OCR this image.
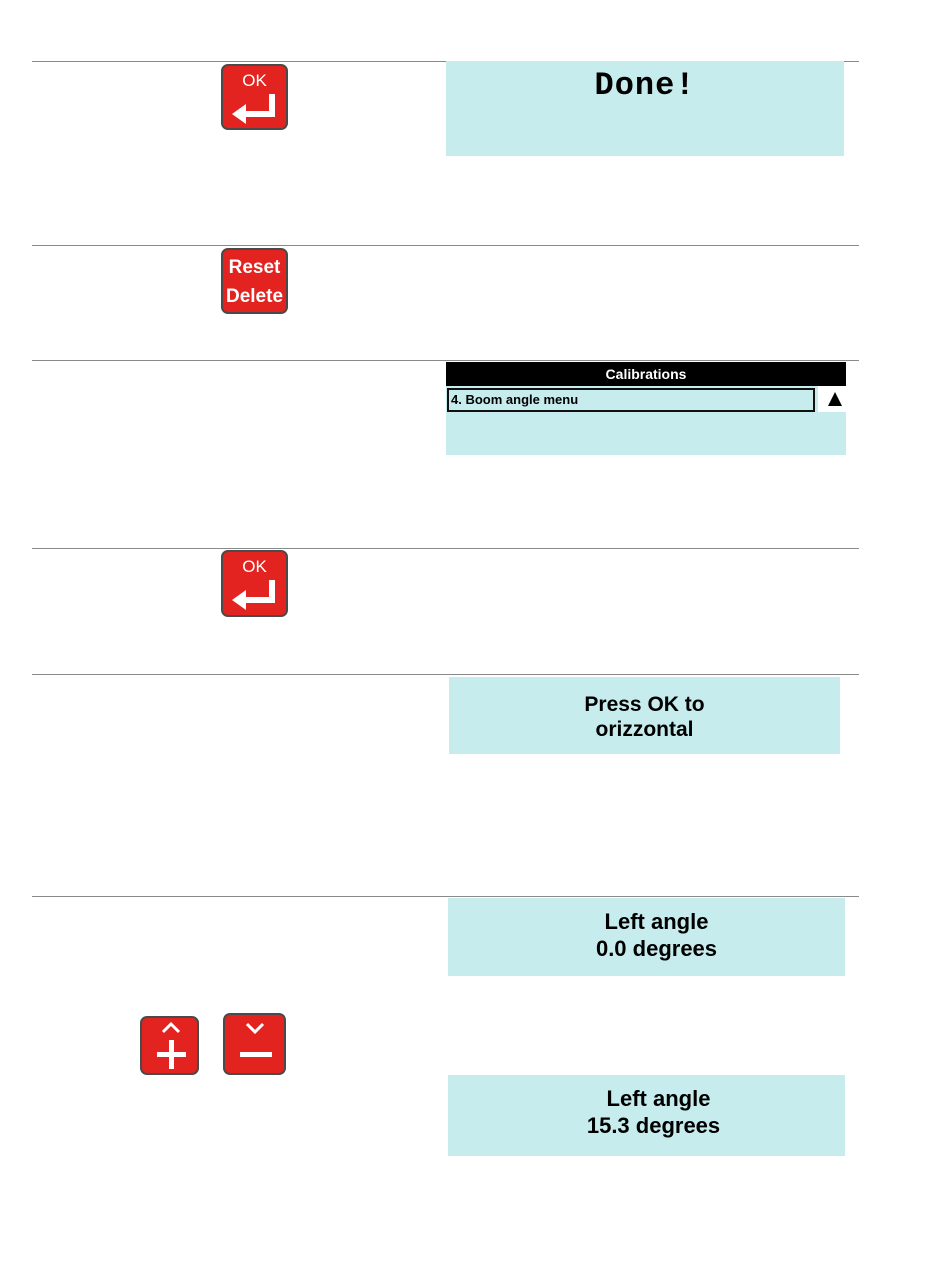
OK	Done!
Reset
Delete
Calibrations
4. Boom angle menu
OK
Press OK to
orizzontal
Left angle
0.0 degrees
Left angle
15.3 degrees
